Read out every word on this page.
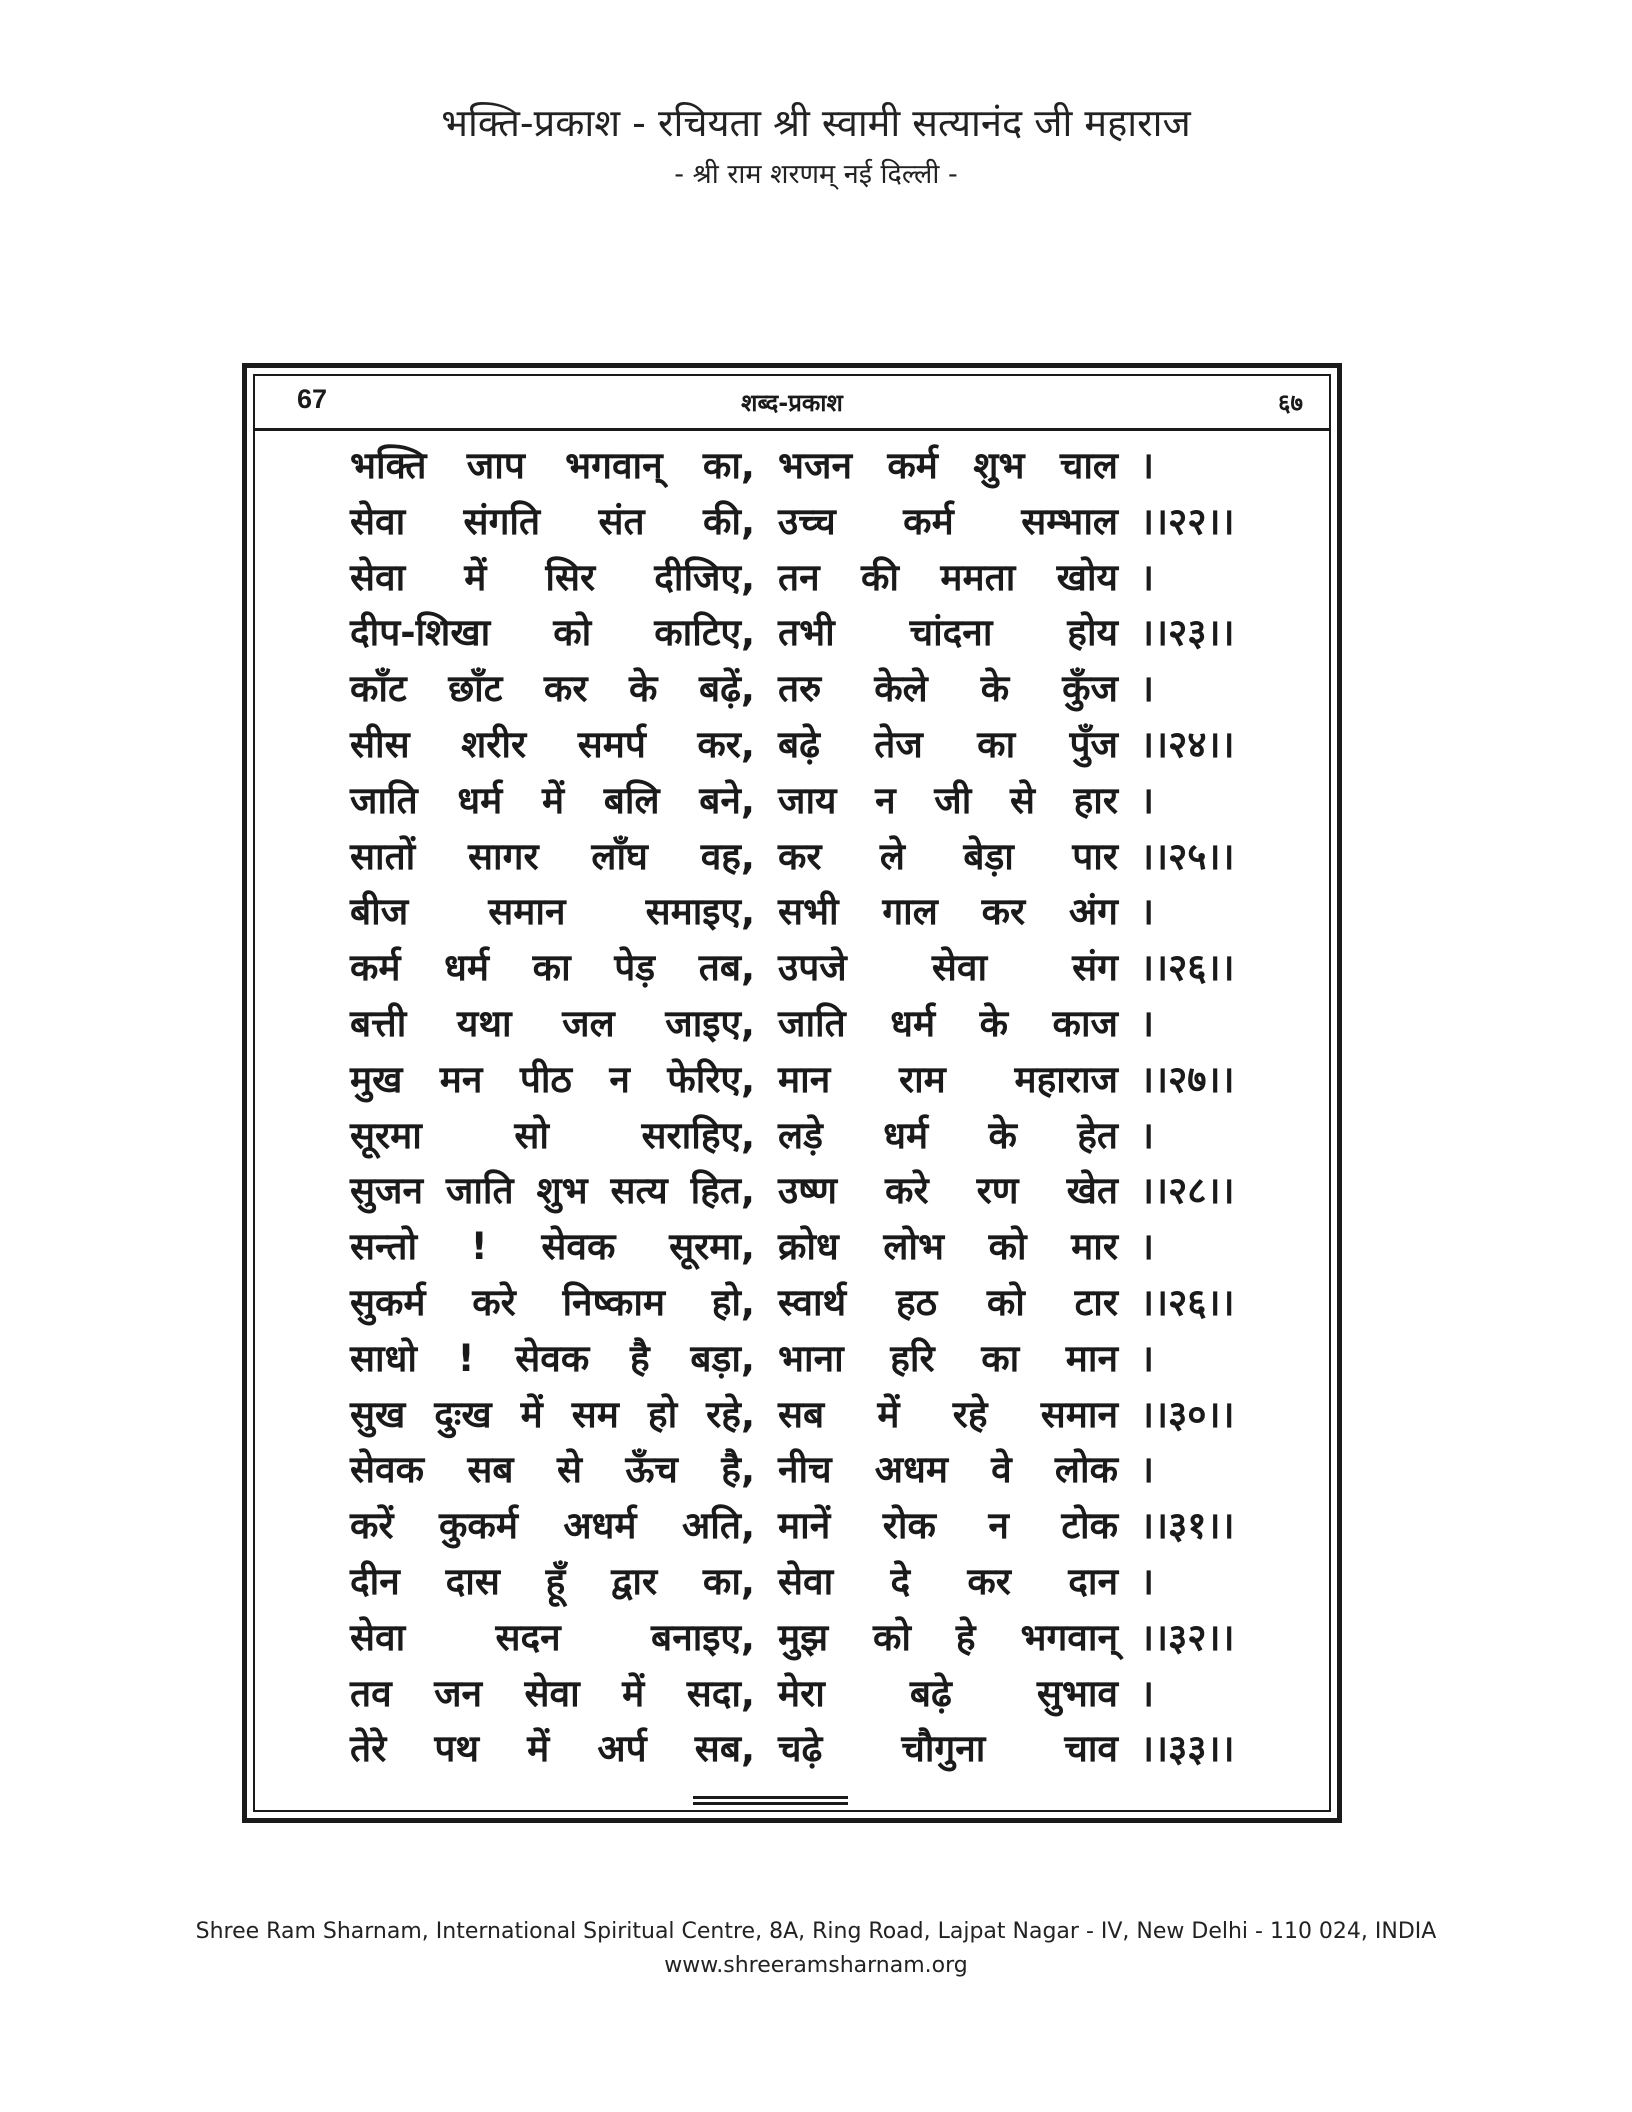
भक्ति-प्रकाश - रचियता श्री स्वामी सत्यानंद जी महाराज
- श्री राम शरणम् नई दिल्ली -
67	शब्द-प्रकाश	६७
भक्ति जाप भगवान् का, भजन कर्म शुभ चाल ।
सेवा संगति संत की, उच्च कर्म सम्भाल ।।२२।।
सेवा में सिर दीजिए, तन की ममता खोय ।
दीप-शिखा को काटिए, तभी चांदना होय ।।२३।।
काँट छाँट कर के बढ़ें, तरु केले के कुँज ।
सीस शरीर समर्प कर, बढ़े तेज का पुँज ।।२४।।
जाति धर्म में बलि बने, जाय न जी से हार ।
सातों सागर लाँघ वह, कर ले बेड़ा पार ।।२५।।
बीज समान समाइए, सभी गाल कर अंग ।
कर्म धर्म का पेड़ तब, उपजे सेवा संग ।।२६।।
बत्ती यथा जल जाइए, जाति धर्म के काज ।
मुख मन पीठ न फेरिए, मान राम महाराज ।।२७।।
सूरमा सो सराहिए, लड़े धर्म के हेत ।
सुजन जाति शुभ सत्य हित, उष्ण करे रण खेत ।।२८।।
सन्तो ! सेवक सूरमा, क्रोध लोभ को मार ।
सुकर्म करे निष्काम हो, स्वार्थ हठ को टार ।।२६।।
साधो ! सेवक है बड़ा, भाना हरि का मान ।
सुख दुःख में सम हो रहे, सब में रहे समान ।।३०।।
सेवक सब से ऊँच है, नीच अधम वे लोक ।
करें कुकर्म अधर्म अति, मानें रोक न टोक ।।३१।।
दीन दास हूँ द्वार का, सेवा दे कर दान ।
सेवा सदन बनाइए, मुझ को हे भगवान् ।।३२।।
तव जन सेवा में सदा, मेरा बढ़े सुभाव ।
तेरे पथ में अर्प सब, चढ़े चौगुना चाव ।।३३।।
Shree Ram Sharnam, International Spiritual Centre, 8A, Ring Road, Lajpat Nagar - IV, New Delhi - 110 024, INDIA
www.shreeramsharnam.org
